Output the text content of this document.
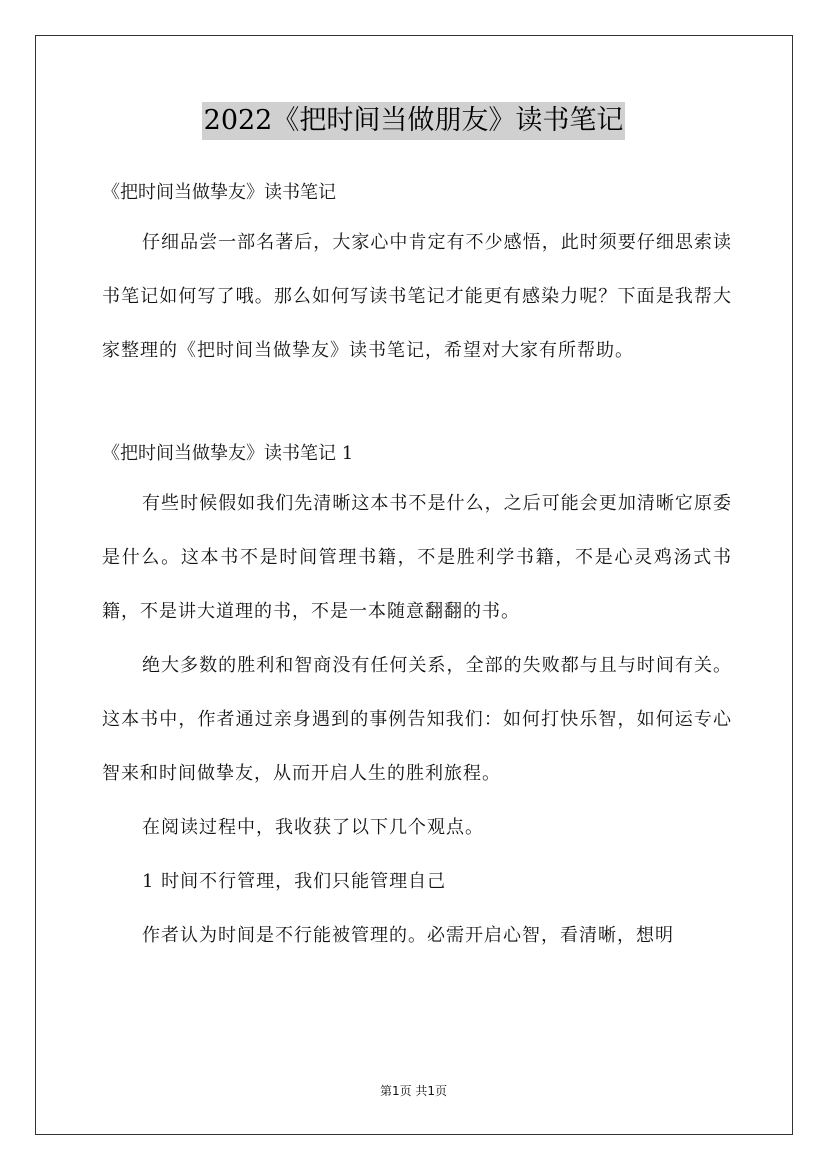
2022《把时间当做朋友》读书笔记

《把时间当做挚友》读书笔记

仔细品尝一部名著后，大家心中肯定有不少感悟，此时须要仔细思索读书笔记如何写了哦。那么如何写读书笔记才能更有感染力呢？下面是我帮大家整理的《把时间当做挚友》读书笔记，希望对大家有所帮助。

《把时间当做挚友》读书笔记 1

有些时候假如我们先清晰这本书不是什么，之后可能会更加清晰它原委是什么。这本书不是时间管理书籍，不是胜利学书籍，不是心灵鸡汤式书籍，不是讲大道理的书，不是一本随意翻翻的书。

绝大多数的胜利和智商没有任何关系，全部的失败都与且与时间有关。这本书中，作者通过亲身遇到的事例告知我们：如何打快乐智，如何运专心智来和时间做挚友，从而开启人生的胜利旅程。

在阅读过程中，我收获了以下几个观点。

1 时间不行管理，我们只能管理自己

作者认为时间是不行能被管理的。必需开启心智，看清晰，想明

第1页 共1页
